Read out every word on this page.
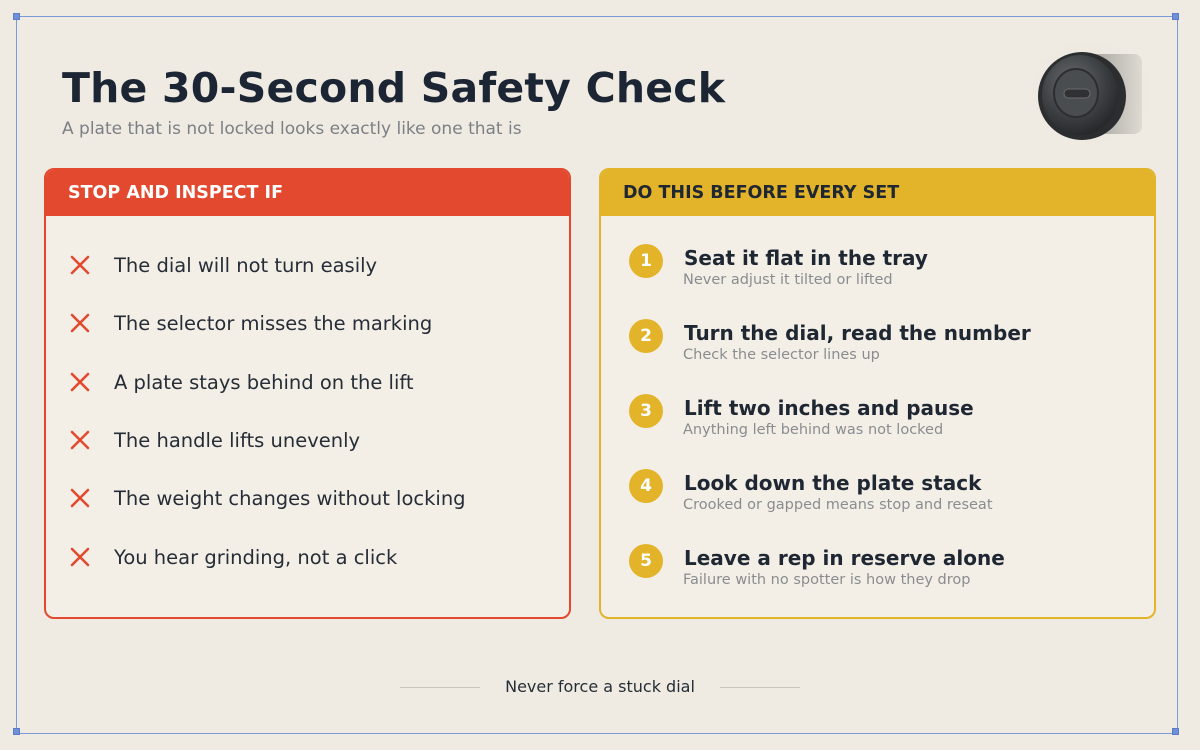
The 30-Second Safety Check
A plate that is not locked looks exactly like one that is
STOP AND INSPECT IF
The dial will not turn easily
The selector misses the marking
A plate stays behind on the lift
The handle lifts unevenly
The weight changes without locking
You hear grinding, not a click
DO THIS BEFORE EVERY SET
1	Seat it flat in the tray
Never adjust it tilted or lifted
2	Turn the dial, read the number
Check the selector lines up
3	Lift two inches and pause
Anything left behind was not locked
4	Look down the plate stack
Crooked or gapped means stop and reseat
5	Leave a rep in reserve alone
Failure with no spotter is how they drop
Never force a stuck dial
